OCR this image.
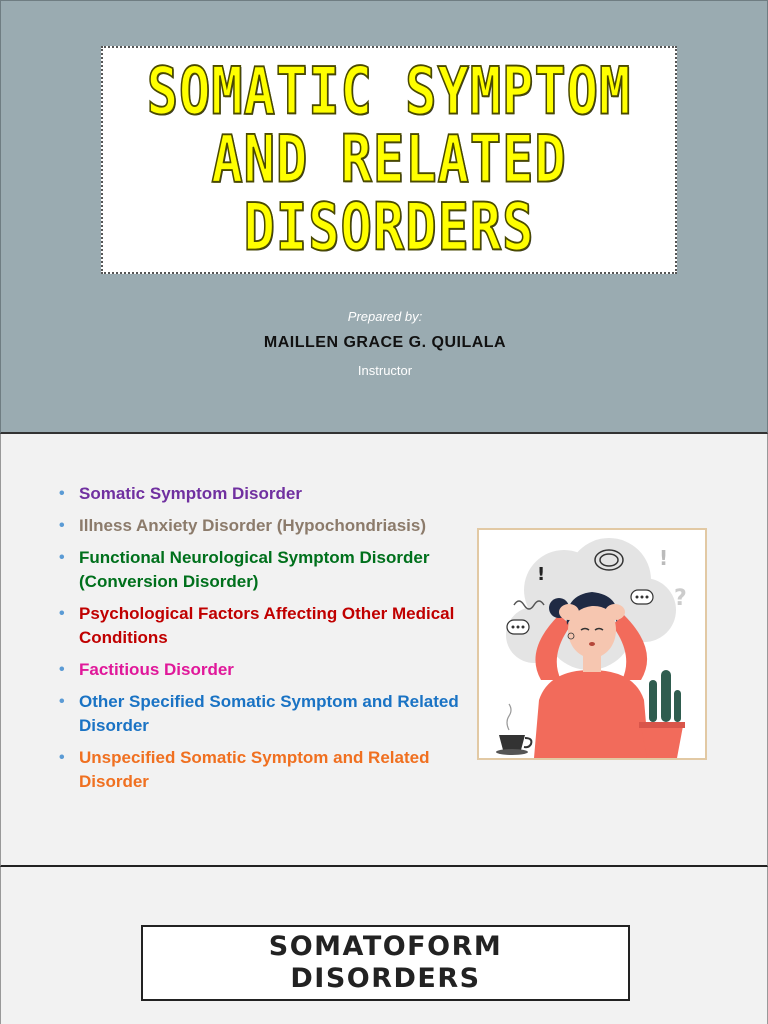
SOMATIC SYMPTOM
AND RELATED
DISORDERS
Prepared by:
MAILLEN GRACE G. QUILALA
Instructor
• Somatic Symptom Disorder
• Illness Anxiety Disorder (Hypochondriasis)
• Functional Neurological Symptom Disorder (Conversion Disorder)
• Psychological Factors Affecting Other Medical Conditions
• Factitious Disorder
• Other Specified Somatic Symptom and Related Disorder
• Unspecified Somatic Symptom and Related Disorder
!
!
?
SOMATOFORM
DISORDERS
